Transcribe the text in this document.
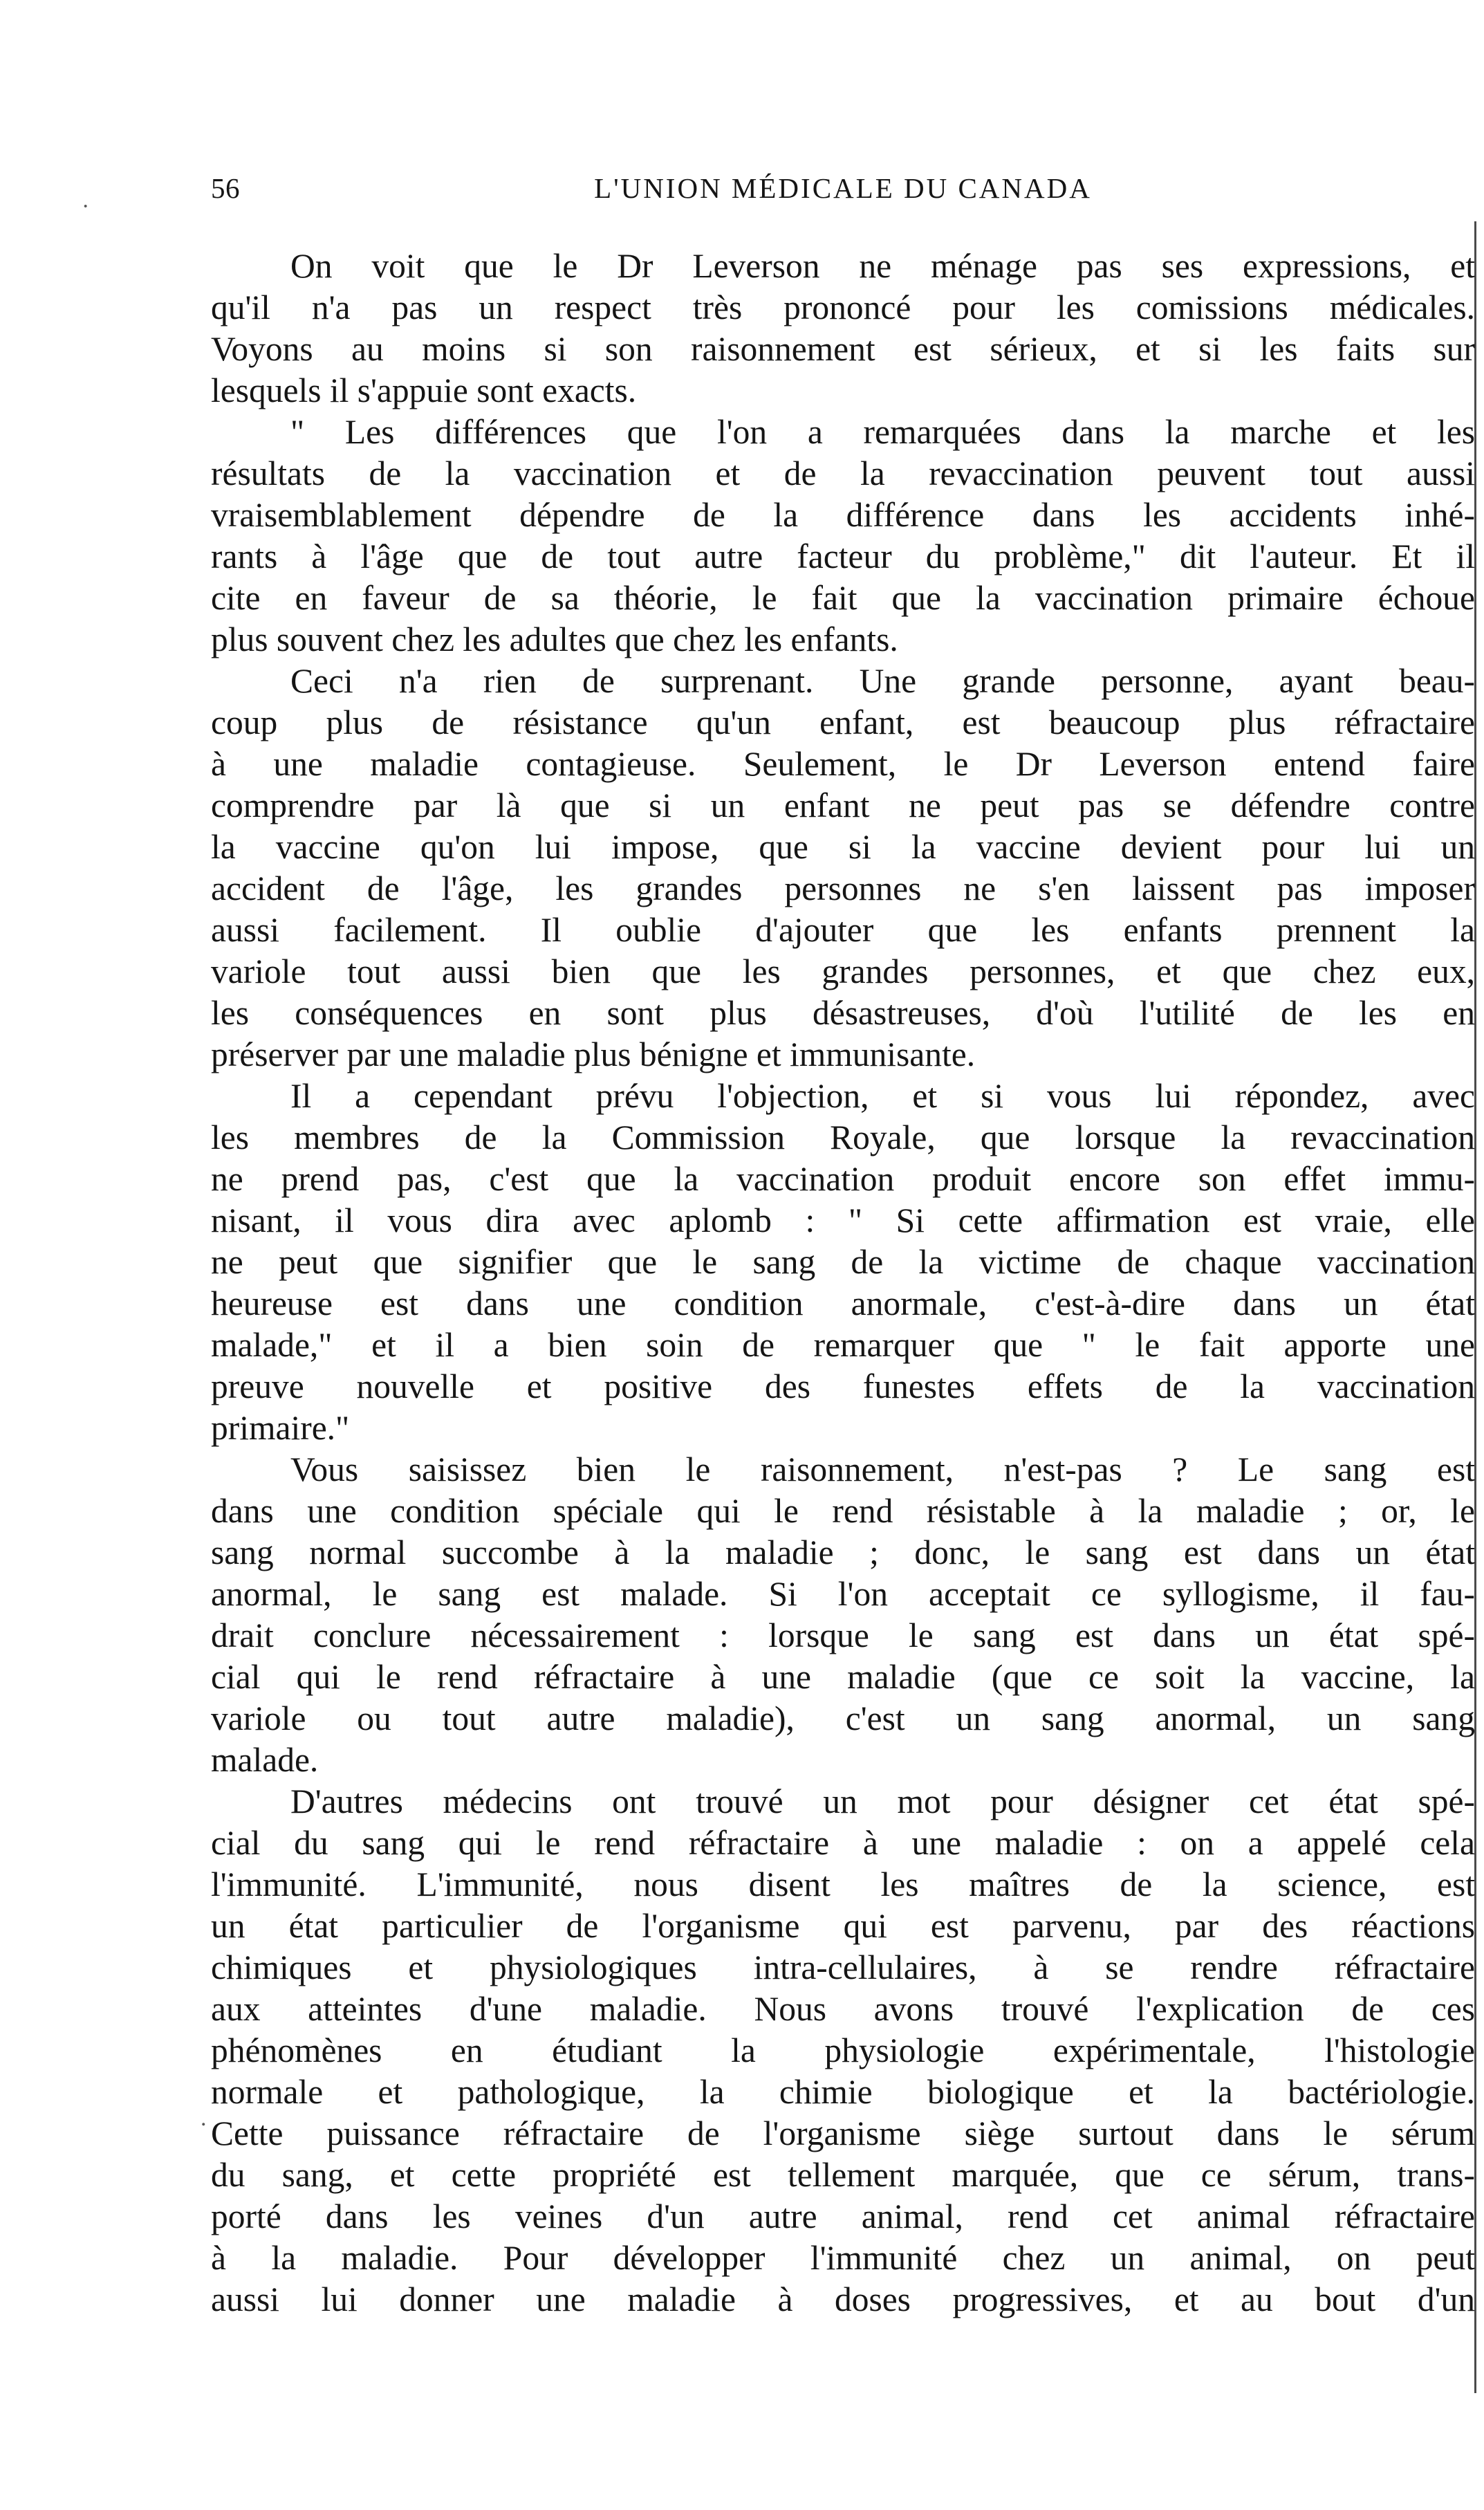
·
.
56	L'UNION MÉDICALE DU CANADA
On voit que le Dr Leverson ne ménage pas ses expressions, et
qu'il n'a pas un respect très prononcé pour les comissions médicales.
Voyons au moins si son raisonnement est sérieux, et si les faits sur
lesquels il s'appuie sont exacts.
" Les différences que l'on a remarquées dans la marche et les
résultats de la vaccination et de la revaccination peuvent tout aussi
vraisemblablement dépendre de la différence dans les accidents inhé-
rants à l'âge que de tout autre facteur du problème," dit l'auteur. Et il
cite en faveur de sa théorie, le fait que la vaccination primaire échoue
plus souvent chez les adultes que chez les enfants.
Ceci n'a rien de surprenant. Une grande personne, ayant beau-
coup plus de résistance qu'un enfant, est beaucoup plus réfractaire
à une maladie contagieuse. Seulement, le Dr Leverson entend faire
comprendre par là que si un enfant ne peut pas se défendre contre
la vaccine qu'on lui impose, que si la vaccine devient pour lui un
accident de l'âge, les grandes personnes ne s'en laissent pas imposer
aussi facilement. Il oublie d'ajouter que les enfants prennent la
variole tout aussi bien que les grandes personnes, et que chez eux,
les conséquences en sont plus désastreuses, d'où l'utilité de les en
préserver par une maladie plus bénigne et immunisante.
Il a cependant prévu l'objection, et si vous lui répondez, avec
les membres de la Commission Royale, que lorsque la revaccination
ne prend pas, c'est que la vaccination produit encore son effet immu-
nisant, il vous dira avec aplomb : " Si cette affirmation est vraie, elle
ne peut que signifier que le sang de la victime de chaque vaccination
heureuse est dans une condition anormale, c'est-à-dire dans un état
malade," et il a bien soin de remarquer que " le fait apporte une
preuve nouvelle et positive des funestes effets de la vaccination
primaire."
Vous saisissez bien le raisonnement, n'est-pas ? Le sang est
dans une condition spéciale qui le rend résistable à la maladie ; or, le
sang normal succombe à la maladie ; donc, le sang est dans un état
anormal, le sang est malade. Si l'on acceptait ce syllogisme, il fau-
drait conclure nécessairement : lorsque le sang est dans un état spé-
cial qui le rend réfractaire à une maladie (que ce soit la vaccine, la
variole ou tout autre maladie), c'est un sang anormal, un sang
malade.
D'autres médecins ont trouvé un mot pour désigner cet état spé-
cial du sang qui le rend réfractaire à une maladie : on a appelé cela
l'immunité. L'immunité, nous disent les maîtres de la science, est
un état particulier de l'organisme qui est parvenu, par des réactions
chimiques et physiologiques intra-cellulaires, à se rendre réfractaire
aux atteintes d'une maladie. Nous avons trouvé l'explication de ces
phénomènes en étudiant la physiologie expérimentale, l'histologie
normale et pathologique, la chimie biologique et la bactériologie.
Cette puissance réfractaire de l'organisme siège surtout dans le sérum
du sang, et cette propriété est tellement marquée, que ce sérum, trans-
porté dans les veines d'un autre animal, rend cet animal réfractaire
à la maladie. Pour développer l'immunité chez un animal, on peut
aussi lui donner une maladie à doses progressives, et au bout d'un
